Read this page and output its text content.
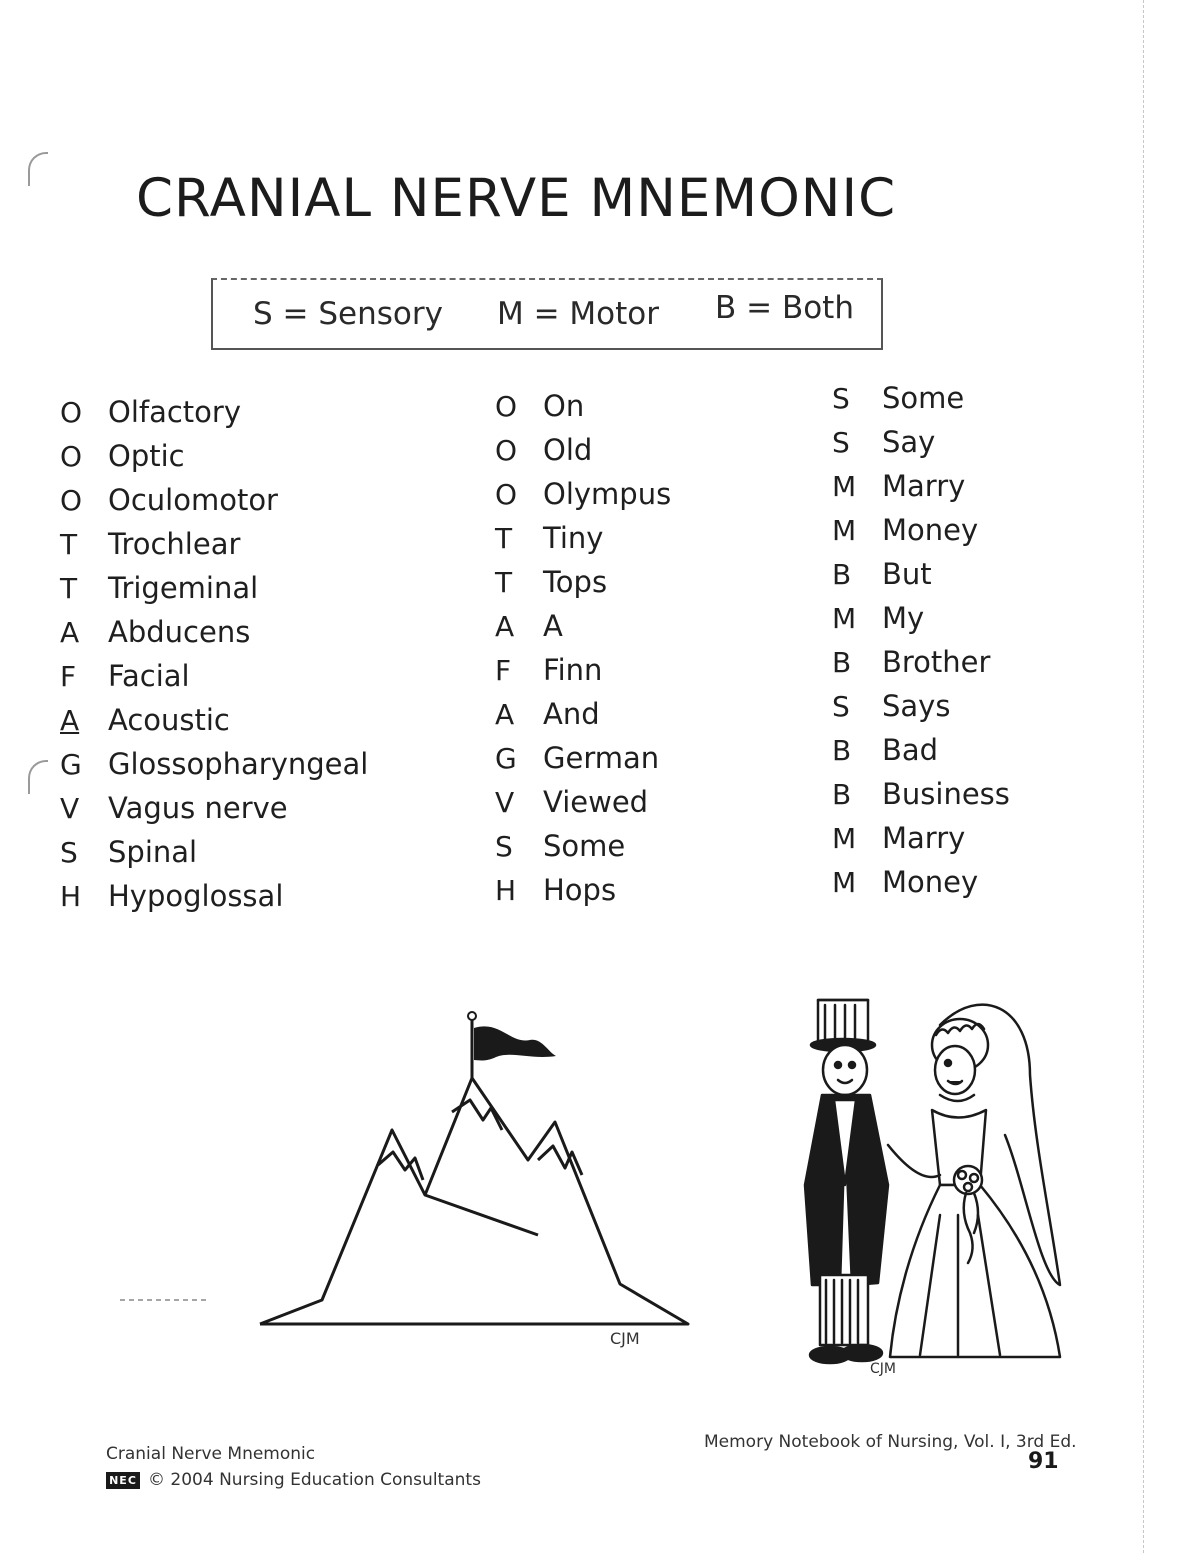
CRANIAL NERVE MNEMONIC
S = Sensory M = Motor B = Both
O Olfactory
O Optic
O Oculomotor
T	Trochlear
T	Trigeminal
A Abducens
F	Facial
A Acoustic
G Glossopharyngeal
V Vagus nerve
S	Spinal
H Hypoglossal
O On
O Old
O Olympus
T	Tiny
T	Tops
A A
F	Finn
A And
G German
V Viewed
S	Some
H Hops
S	Some
S	Say
M Marry
M Money
B	But
M My
B	Brother
S	Says
B	Bad
B	Business
M Marry
M Money
CJM
CJM
Cranial Nerve Mnemonic
NEC © 2004 Nursing Education Consultants
Memory Notebook of Nursing, Vol. I, 3rd Ed.
91
